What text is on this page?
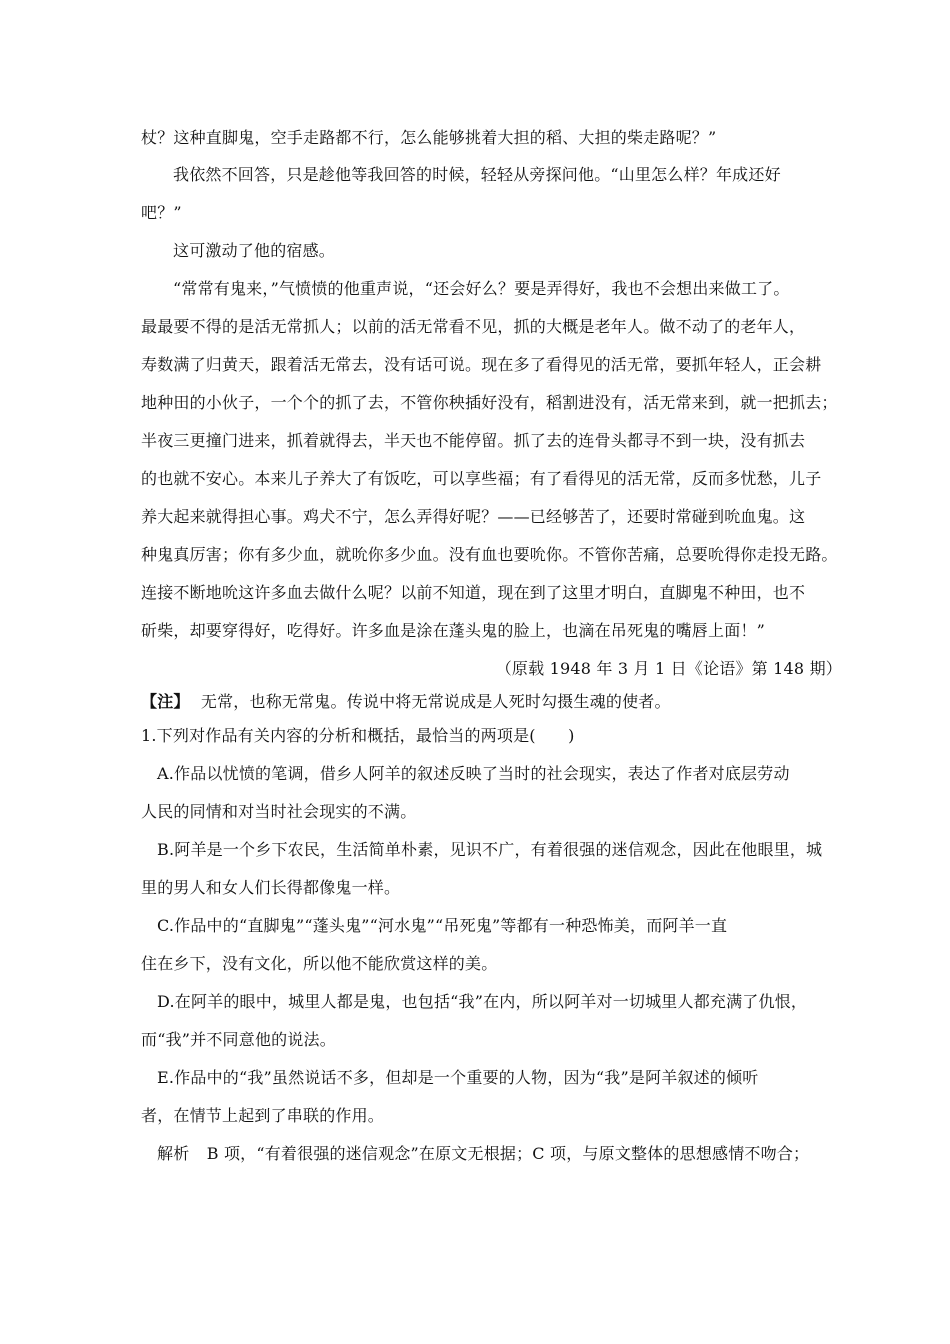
杖？这种直脚鬼，空手走路都不行，怎么能够挑着大担的稻、大担的柴走路呢？”
我依然不回答，只是趁他等我回答的时候，轻轻从旁探问他。“山里怎么样？年成还好
吧？”
这可激动了他的宿感。
“常常有鬼来，”气愤愤的他重声说，“还会好么？要是弄得好，我也不会想出来做工了。
最最要不得的是活无常抓人；以前的活无常看不见，抓的大概是老年人。做不动了的老年人，
寿数满了归黄天，跟着活无常去，没有话可说。现在多了看得见的活无常，要抓年轻人，正会耕
地种田的小伙子，一个个的抓了去，不管你秧插好没有，稻割进没有，活无常来到，就一把抓去；
半夜三更撞门进来，抓着就得去，半天也不能停留。抓了去的连骨头都寻不到一块，没有抓去
的也就不安心。本来儿子养大了有饭吃，可以享些福；有了看得见的活无常，反而多忧愁，儿子
养大起来就得担心事。鸡犬不宁，怎么弄得好呢？——已经够苦了，还要时常碰到吮血鬼。这
种鬼真厉害；你有多少血，就吮你多少血。没有血也要吮你。不管你苦痛，总要吮得你走投无路。
连接不断地吮这许多血去做什么呢？以前不知道，现在到了这里才明白，直脚鬼不种田，也不
斫柴，却要穿得好，吃得好。许多血是涂在蓬头鬼的脸上，也滴在吊死鬼的嘴唇上面！”
（原载 1948 年 3 月 1 日《论语》第 148 期）
【注】 无常，也称无常鬼。传说中将无常说成是人死时勾摄生魂的使者。
1.下列对作品有关内容的分析和概括，最恰当的两项是(　　)
A.作品以忧愤的笔调，借乡人阿羊的叙述反映了当时的社会现实，表达了作者对底层劳动
人民的同情和对当时社会现实的不满。
B.阿羊是一个乡下农民，生活简单朴素，见识不广，有着很强的迷信观念，因此在他眼里，城
里的男人和女人们长得都像鬼一样。
C.作品中的“直脚鬼”“蓬头鬼”“河水鬼”“吊死鬼”等都有一种恐怖美，而阿羊一直
住在乡下，没有文化，所以他不能欣赏这样的美。
D.在阿羊的眼中，城里人都是鬼，也包括“我”在内，所以阿羊对一切城里人都充满了仇恨，
而“我”并不同意他的说法。
E.作品中的“我”虽然说话不多，但却是一个重要的人物，因为“我”是阿羊叙述的倾听
者，在情节上起到了串联的作用。
解析 B 项，“有着很强的迷信观念”在原文无根据；C 项，与原文整体的思想感情不吻合；
